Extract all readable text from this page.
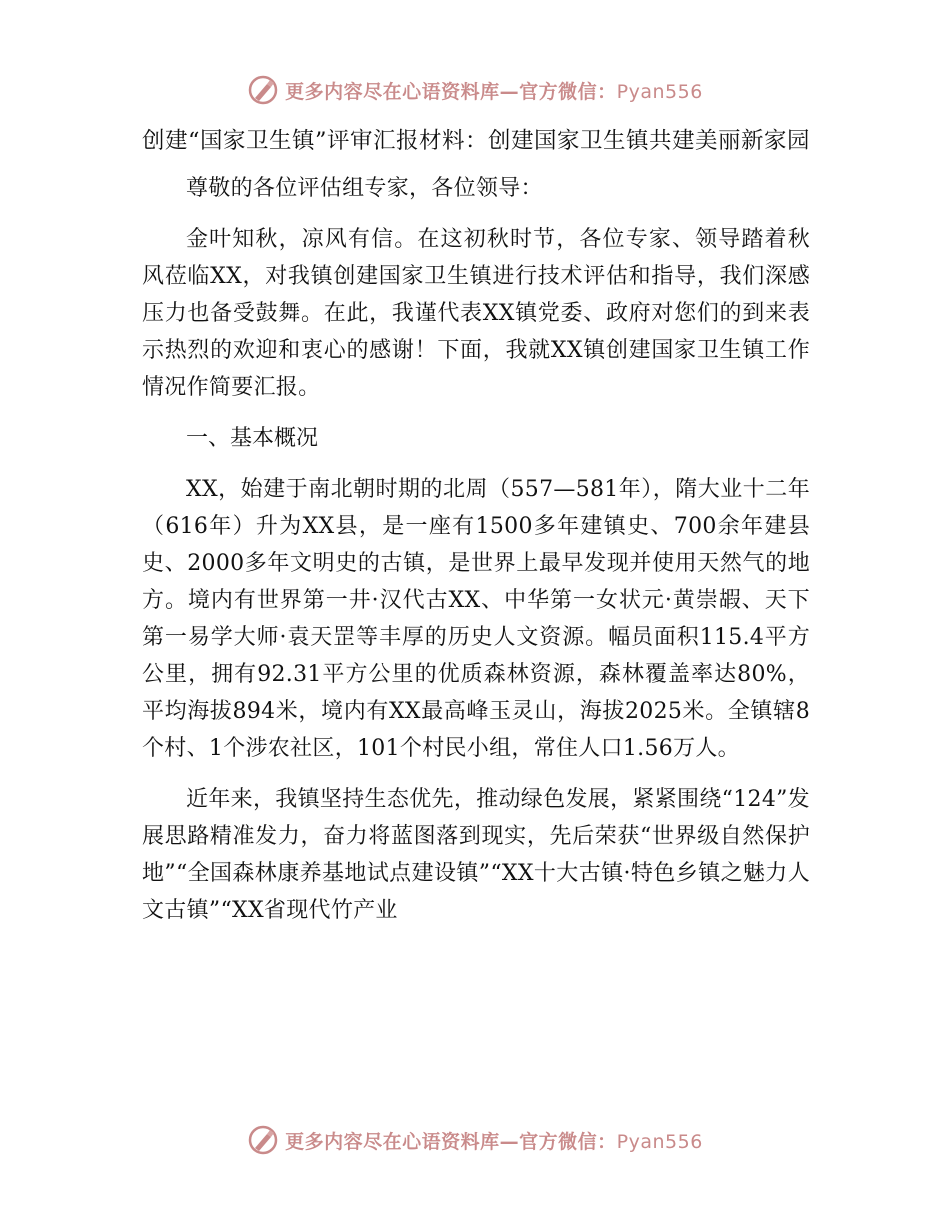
更多内容尽在心语资料库—官方微信：Pyan556
创建“国家卫生镇”评审汇报材料：创建国家卫生镇共建美丽新家园

尊敬的各位评估组专家，各位领导：

金叶知秋，凉风有信。在这初秋时节，各位专家、领导踏着秋风莅临XX，对我镇创建国家卫生镇进行技术评估和指导，我们深感压力也备受鼓舞。在此，我谨代表XX镇党委、政府对您们的到来表示热烈的欢迎和衷心的感谢！下面，我就XX镇创建国家卫生镇工作情况作简要汇报。

一、基本概况

XX，始建于南北朝时期的北周（557—581年），隋大业十二年（616年）升为XX县，是一座有1500多年建镇史、700余年建县史、2000多年文明史的古镇，是世界上最早发现并使用天然气的地方。境内有世界第一井·汉代古XX、中华第一女状元·黄崇嘏、天下第一易学大师·袁天罡等丰厚的历史人文资源。幅员面积115.4平方公里，拥有92.31平方公里的优质森林资源，森林覆盖率达80%，平均海拔894米，境内有XX最高峰玉灵山，海拔2025米。全镇辖8个村、1个涉农社区，101个村民小组，常住人口1.56万人。

近年来，我镇坚持生态优先，推动绿色发展，紧紧围绕“124”发展思路精准发力，奋力将蓝图落到现实，先后荣获“世界级自然保护地”“全国森林康养基地试点建设镇”“XX十大古镇·特色乡镇之魅力人文古镇”“XX省现代竹产业

更多内容尽在心语资料库—官方微信：Pyan556
